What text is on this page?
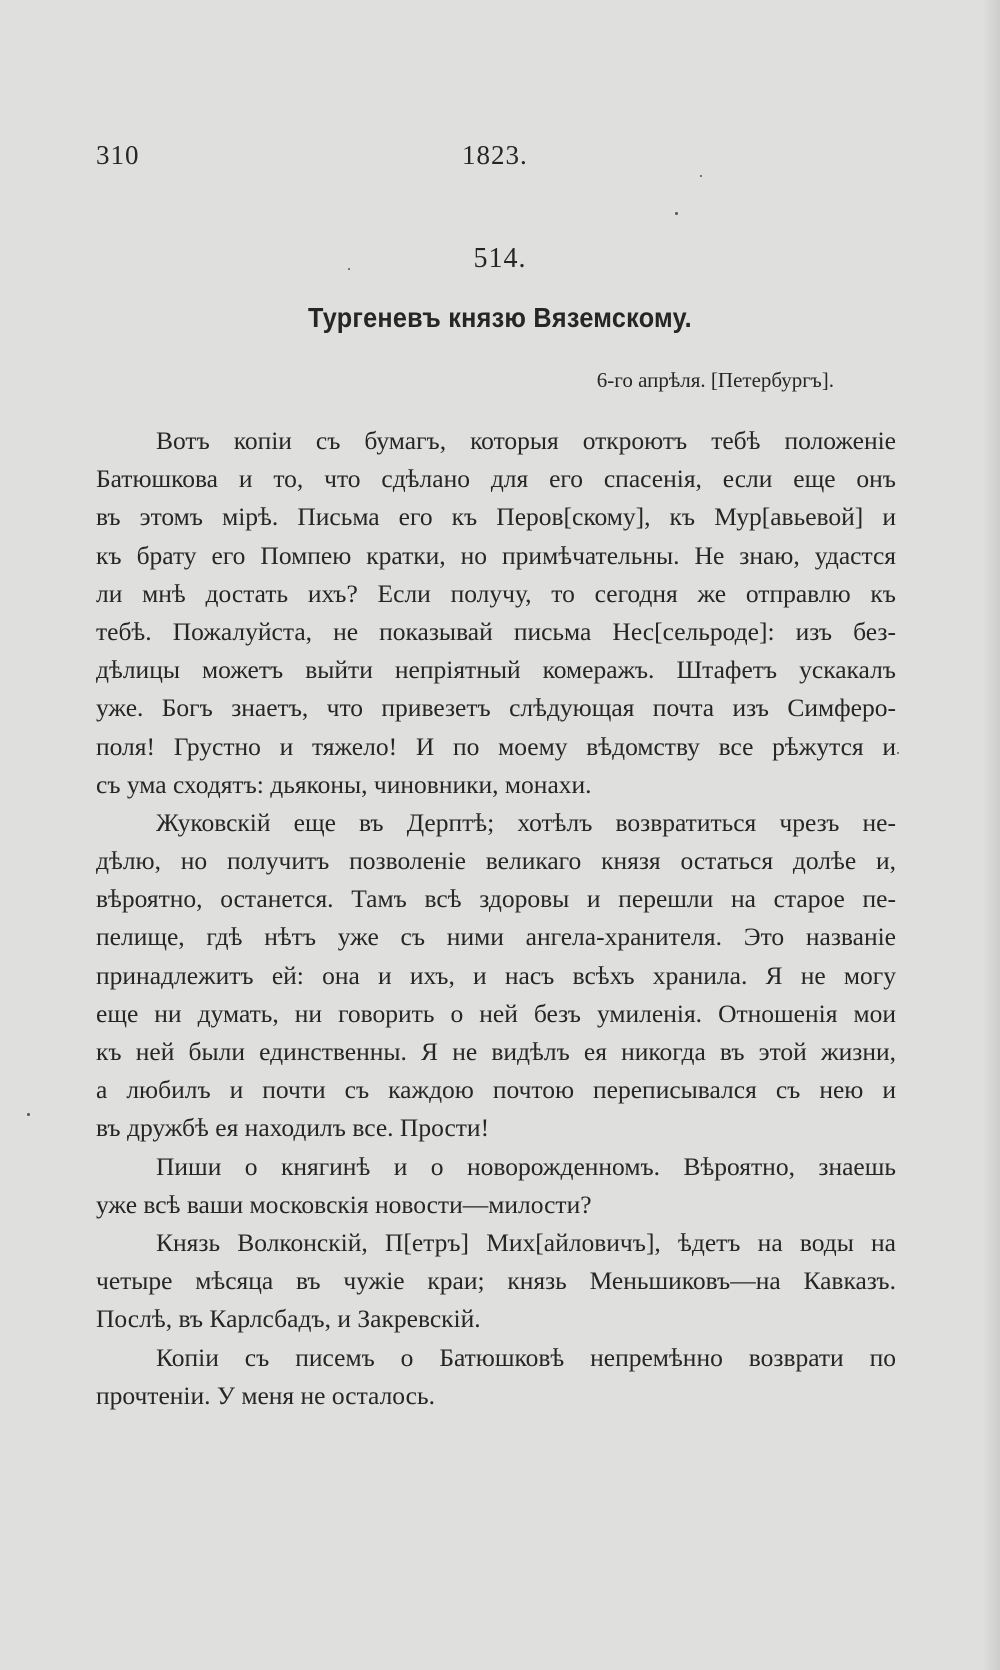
310	1823.

514.

Тургеневъ князю Вяземскому.

6-го апрѣля. [Петербургъ].

Вотъ копіи съ бумагъ, которыя откроютъ тебѣ положеніе
Батюшкова и то, что сдѣлано для его спасенія, если еще онъ
въ этомъ мірѣ. Письма его къ Перов[скому], къ Мур[авьевой] и
къ брату его Помпею кратки, но примѣчательны. Не знаю, удастся
ли мнѣ достать ихъ? Если получу, то сегодня же отправлю къ
тебѣ. Пожалуйста, не показывай письма Нес[сельроде]: изъ без-
дѣлицы можетъ выйти непріятный комеражъ. Штафетъ ускакалъ
уже. Богъ знаетъ, что привезетъ слѣдующая почта изъ Симферо-
поля! Грустно и тяжело! И по моему вѣдомству все рѣжутся и
съ ума сходятъ: дьяконы, чиновники, монахи.
Жуковскій еще въ Дерптѣ; хотѣлъ возвратиться чрезъ не-
дѣлю, но получитъ позволеніе великаго князя остаться долѣе и,
вѣроятно, останется. Тамъ всѣ здоровы и перешли на старое пе-
пелище, гдѣ нѣтъ уже съ ними ангела-хранителя. Это названіе
принадлежитъ ей: она и ихъ, и насъ всѣхъ хранила. Я не могу
еще ни думать, ни говорить о ней безъ умиленія. Отношенія мои
къ ней были единственны. Я не видѣлъ ея никогда въ этой жизни,
а любилъ и почти съ каждою почтою переписывался съ нею и
въ дружбѣ ея находилъ все. Прости!
Пиши о княгинѣ и о новорожденномъ. Вѣроятно, знаешь
уже всѣ ваши московскія новости—милости?
Князь Волконскій, П[етръ] Мих[айловичъ], ѣдетъ на воды на
четыре мѣсяца въ чужіе краи; князь Меньшиковъ—на Кавказъ.
Послѣ, въ Карлсбадъ, и Закревскій.
Копіи съ писемъ о Батюшковѣ непремѣнно возврати по
прочтеніи. У меня не осталось.
